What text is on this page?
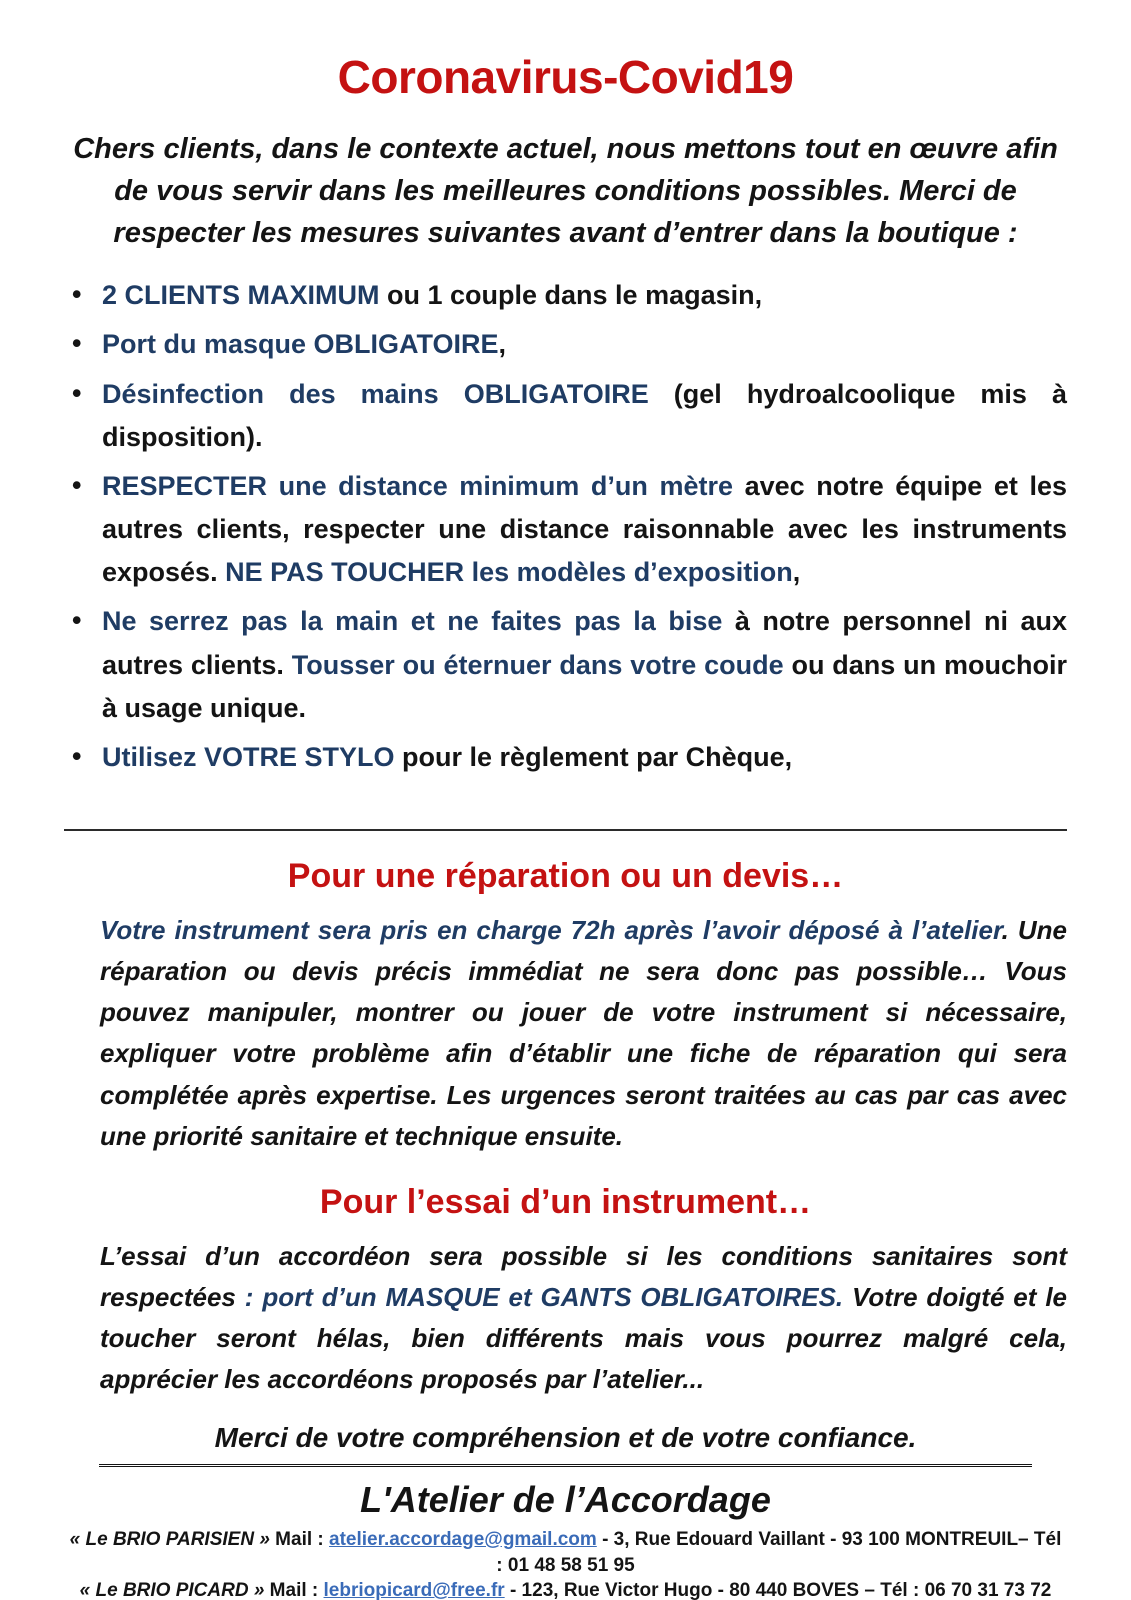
Coronavirus-Covid19

Chers clients, dans le contexte actuel, nous mettons tout en œuvre afin de vous servir dans les meilleures conditions possibles. Merci de respecter les mesures suivantes avant d’entrer dans la boutique :

• 2 CLIENTS MAXIMUM ou 1 couple dans le magasin,
• Port du masque OBLIGATOIRE,
• Désinfection des mains OBLIGATOIRE (gel hydroalcoolique mis à disposition).
• RESPECTER une distance minimum d’un mètre avec notre équipe et les autres clients, respecter une distance raisonnable avec les instruments exposés. NE PAS TOUCHER les modèles d’exposition,
• Ne serrez pas la main et ne faites pas la bise à notre personnel ni aux autres clients. Tousser ou éternuer dans votre coude ou dans un mouchoir à usage unique.
• Utilisez VOTRE STYLO pour le règlement par Chèque,
Pour une réparation ou un devis…

Votre instrument sera pris en charge 72h après l’avoir déposé à l’atelier. Une réparation ou devis précis immédiat ne sera donc pas possible… Vous pouvez manipuler, montrer ou jouer de votre instrument si nécessaire, expliquer votre problème afin d’établir une fiche de réparation qui sera complétée après expertise. Les urgences seront traitées au cas par cas avec une priorité sanitaire et technique ensuite.

Pour l’essai d’un instrument…

L’essai d’un accordéon sera possible si les conditions sanitaires sont respectées : port d’un MASQUE et GANTS OBLIGATOIRES. Votre doigté et le toucher seront hélas, bien différents mais vous pourrez malgré cela, apprécier les accordéons proposés par l’atelier...

Merci de votre compréhension et de votre confiance.

L'Atelier de l’Accordage

« Le BRIO PARISIEN » Mail : atelier.accordage@gmail.com - 3, Rue Edouard Vaillant - 93 100 MONTREUIL– Tél : 01 48 58 51 95

« Le BRIO PICARD » Mail : lebriopicard@free.fr - 123, Rue Victor Hugo - 80 440 BOVES – Tél : 06 70 31 73 72
